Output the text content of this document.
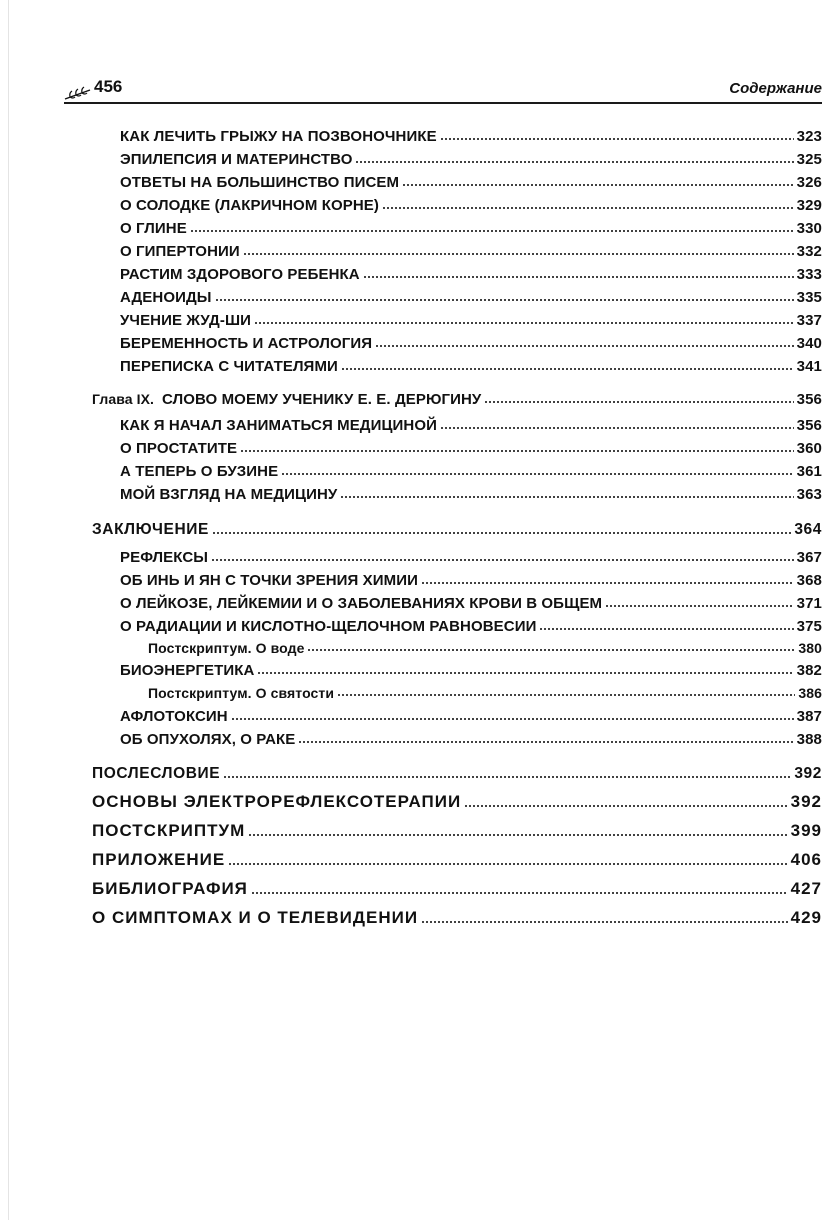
456	Содержание
КАК ЛЕЧИТЬ ГРЫЖУ НА ПОЗВОНОЧНИКЕ	323
ЭПИЛЕПСИЯ И МАТЕРИНСТВО	325
ОТВЕТЫ НА БОЛЬШИНСТВО ПИСЕМ	326
О СОЛОДКЕ (ЛАКРИЧНОМ КОРНЕ)	329
О ГЛИНЕ	330
О ГИПЕРТОНИИ	332
РАСТИМ ЗДОРОВОГО РЕБЕНКА	333
АДЕНОИДЫ	335
УЧЕНИЕ ЖУД-ШИ	337
БЕРЕМЕННОСТЬ И АСТРОЛОГИЯ	340
ПЕРЕПИСКА С ЧИТАТЕЛЯМИ	341
Глава IX. СЛОВО МОЕМУ УЧЕНИКУ Е. Е. ДЕРЮГИНУ	356
КАК Я НАЧАЛ ЗАНИМАТЬСЯ МЕДИЦИНОЙ	356
О ПРОСТАТИТЕ	360
А ТЕПЕРЬ О БУЗИНЕ	361
МОЙ ВЗГЛЯД НА МЕДИЦИНУ	363
ЗАКЛЮЧЕНИЕ	364
РЕФЛЕКСЫ	367
ОБ ИНЬ И ЯН С ТОЧКИ ЗРЕНИЯ ХИМИИ	368
О ЛЕЙКОЗЕ, ЛЕЙКЕМИИ И О ЗАБОЛЕВАНИЯХ КРОВИ В ОБЩЕМ	371
О РАДИАЦИИ И КИСЛОТНО-ЩЕЛОЧНОМ РАВНОВЕСИИ	375
Постскриптум. О воде	380
БИОЭНЕРГЕТИКА	382
Постскриптум. О святости	386
АФЛОТОКСИН	387
ОБ ОПУХОЛЯХ, О РАКЕ	388
ПОСЛЕСЛОВИЕ	392
ОСНОВЫ ЭЛЕКТРОРЕФЛЕКСОТЕРАПИИ	392
ПОСТСКРИПТУМ	399
ПРИЛОЖЕНИЕ	406
БИБЛИОГРАФИЯ	427
О СИМПТОМАХ И О ТЕЛЕВИДЕНИИ	429
